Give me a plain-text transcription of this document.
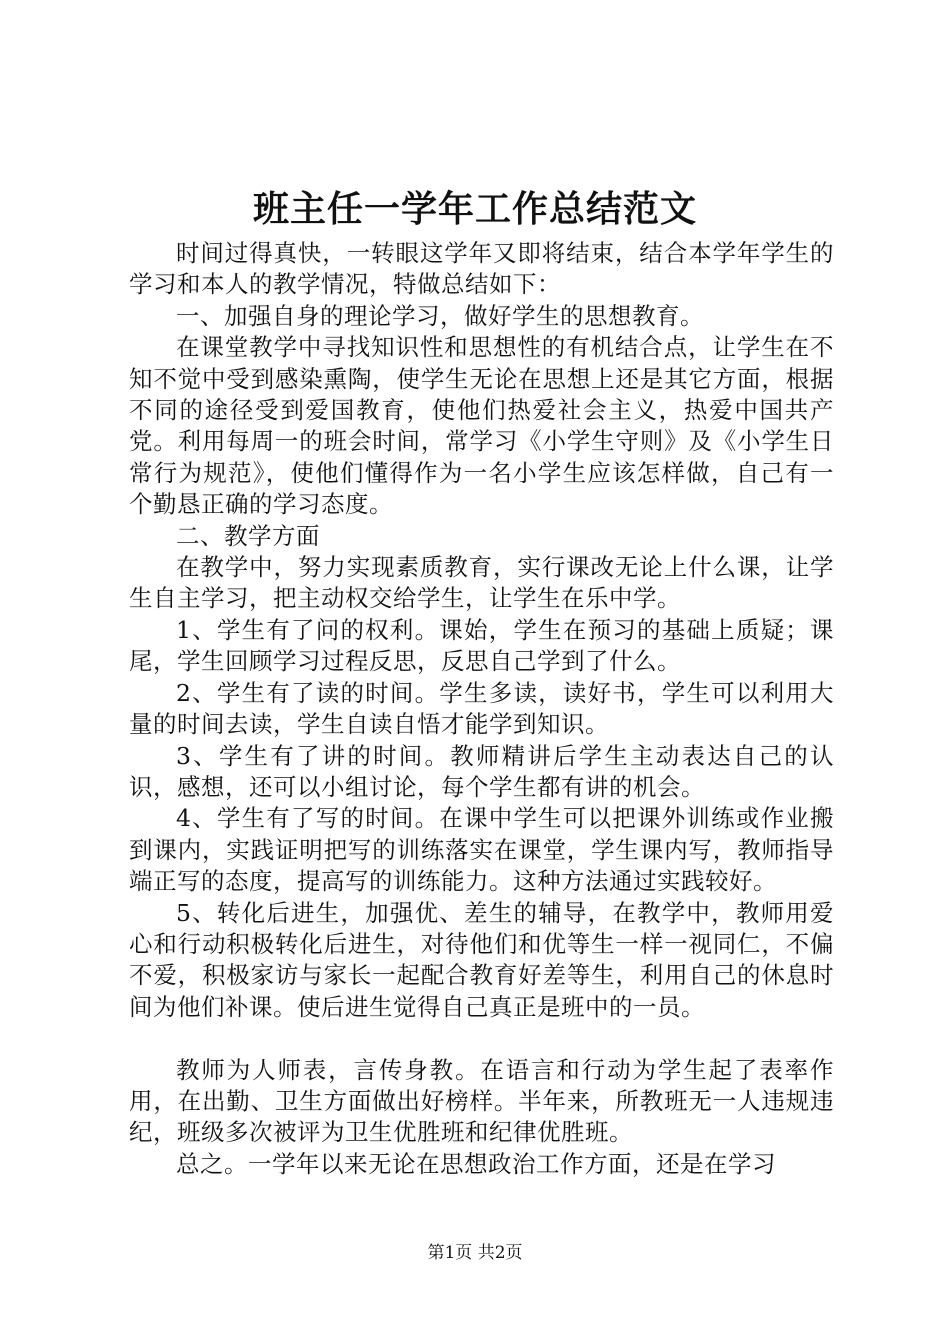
班主任一学年工作总结范文

时间过得真快，一转眼这学年又即将结束，结合本学年学生的学习和本人的教学情况，特做总结如下：

一、加强自身的理论学习，做好学生的思想教育。

在课堂教学中寻找知识性和思想性的有机结合点，让学生在不知不觉中受到感染熏陶，使学生无论在思想上还是其它方面，根据不同的途径受到爱国教育，使他们热爱社会主义，热爱中国共产党。利用每周一的班会时间，常学习《小学生守则》及《小学生日常行为规范》，使他们懂得作为一名小学生应该怎样做，自己有一个勤恳正确的学习态度。

二、教学方面

在教学中，努力实现素质教育，实行课改无论上什么课，让学生自主学习，把主动权交给学生，让学生在乐中学。

1、学生有了问的权利。课始，学生在预习的基础上质疑；课尾，学生回顾学习过程反思，反思自己学到了什么。

2、学生有了读的时间。学生多读，读好书，学生可以利用大量的时间去读，学生自读自悟才能学到知识。

3、学生有了讲的时间。教师精讲后学生主动表达自己的认识，感想，还可以小组讨论，每个学生都有讲的机会。

4、学生有了写的时间。在课中学生可以把课外训练或作业搬到课内，实践证明把写的训练落实在课堂，学生课内写，教师指导端正写的态度，提高写的训练能力。这种方法通过实践较好。

5、转化后进生，加强优、差生的辅导，在教学中，教师用爱心和行动积极转化后进生，对待他们和优等生一样一视同仁，不偏不爱，积极家访与家长一起配合教育好差等生，利用自己的休息时间为他们补课。使后进生觉得自己真正是班中的一员。

教师为人师表，言传身教。在语言和行动为学生起了表率作用，在出勤、卫生方面做出好榜样。半年来，所教班无一人违规违纪，班级多次被评为卫生优胜班和纪律优胜班。

总之。一学年以来无论在思想政治工作方面，还是在学习

第1页 共2页
